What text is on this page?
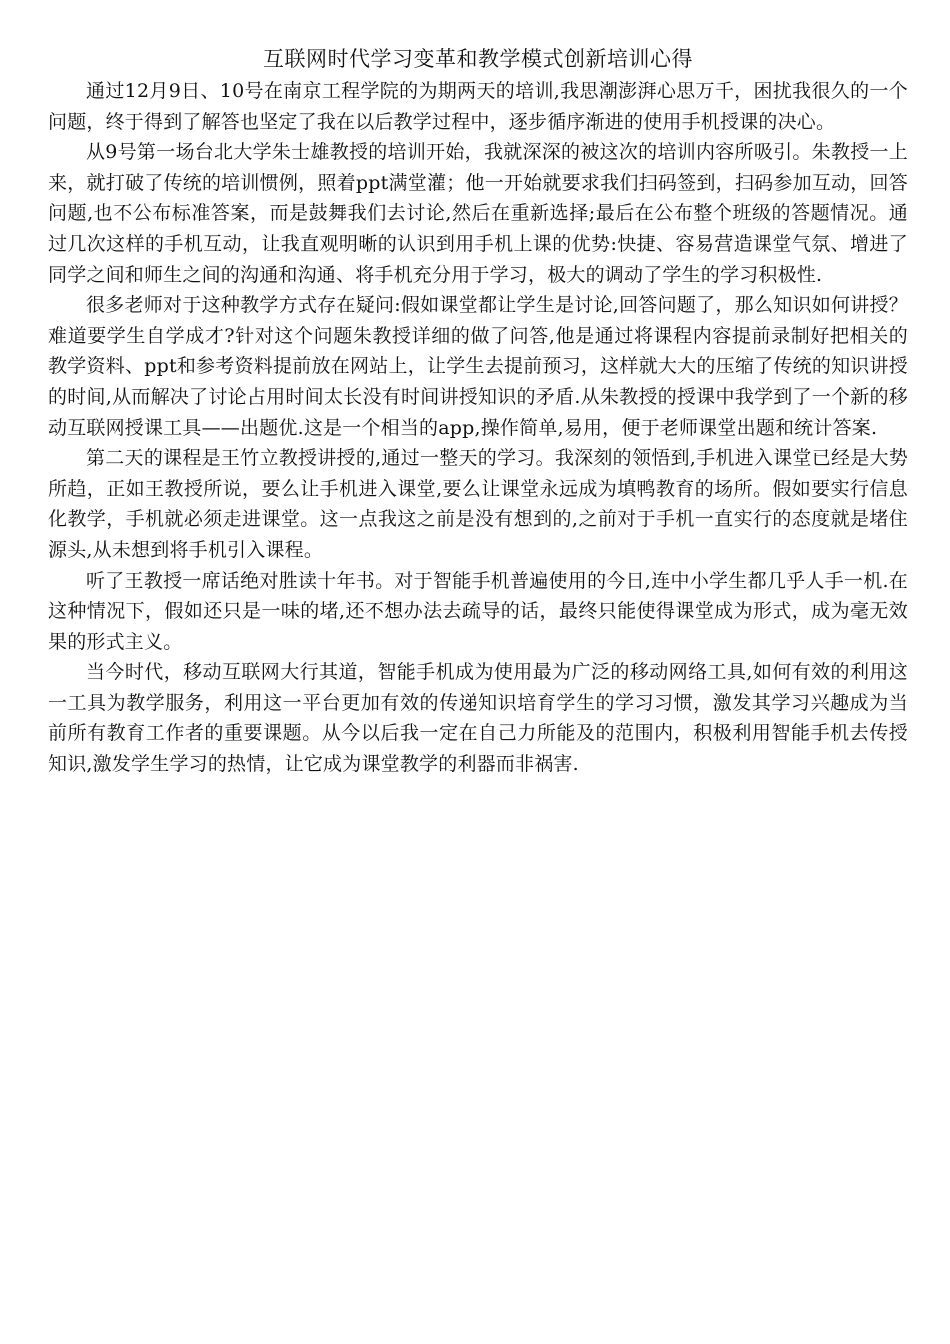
互联网时代学习变革和教学模式创新培训心得

通过12月9日、10号在南京工程学院的为期两天的培训,我思潮澎湃心思万千，困扰我很久的一个问题，终于得到了解答也坚定了我在以后教学过程中，逐步循序渐进的使用手机授课的决心。

从9号第一场台北大学朱士雄教授的培训开始，我就深深的被这次的培训内容所吸引。朱教授一上来，就打破了传统的培训惯例，照着ppt满堂灌；他一开始就要求我们扫码签到，扫码参加互动，回答问题,也不公布标准答案，而是鼓舞我们去讨论,然后在重新选择;最后在公布整个班级的答题情况。通过几次这样的手机互动，让我直观明晰的认识到用手机上课的优势:快捷、容易营造课堂气氛、增进了同学之间和师生之间的沟通和沟通、将手机充分用于学习，极大的调动了学生的学习积极性.

很多老师对于这种教学方式存在疑问:假如课堂都让学生是讨论,回答问题了，那么知识如何讲授？难道要学生自学成才?针对这个问题朱教授详细的做了问答,他是通过将课程内容提前录制好把相关的教学资料、ppt和参考资料提前放在网站上，让学生去提前预习，这样就大大的压缩了传统的知识讲授的时间,从而解决了讨论占用时间太长没有时间讲授知识的矛盾.从朱教授的授课中我学到了一个新的移动互联网授课工具——出题优.这是一个相当的app,操作简单,易用，便于老师课堂出题和统计答案.

第二天的课程是王竹立教授讲授的,通过一整天的学习。我深刻的领悟到,手机进入课堂已经是大势所趋，正如王教授所说，要么让手机进入课堂,要么让课堂永远成为填鸭教育的场所。假如要实行信息化教学，手机就必须走进课堂。这一点我这之前是没有想到的,之前对于手机一直实行的态度就是堵住源头,从未想到将手机引入课程。

听了王教授一席话绝对胜读十年书。对于智能手机普遍使用的今日,连中小学生都几乎人手一机.在这种情况下，假如还只是一味的堵,还不想办法去疏导的话，最终只能使得课堂成为形式，成为毫无效果的形式主义。

当今时代，移动互联网大行其道，智能手机成为使用最为广泛的移动网络工具,如何有效的利用这一工具为教学服务，利用这一平台更加有效的传递知识培育学生的学习习惯，激发其学习兴趣成为当前所有教育工作者的重要课题。从今以后我一定在自己力所能及的范围内，积极利用智能手机去传授知识,激发学生学习的热情，让它成为课堂教学的利器而非祸害.
